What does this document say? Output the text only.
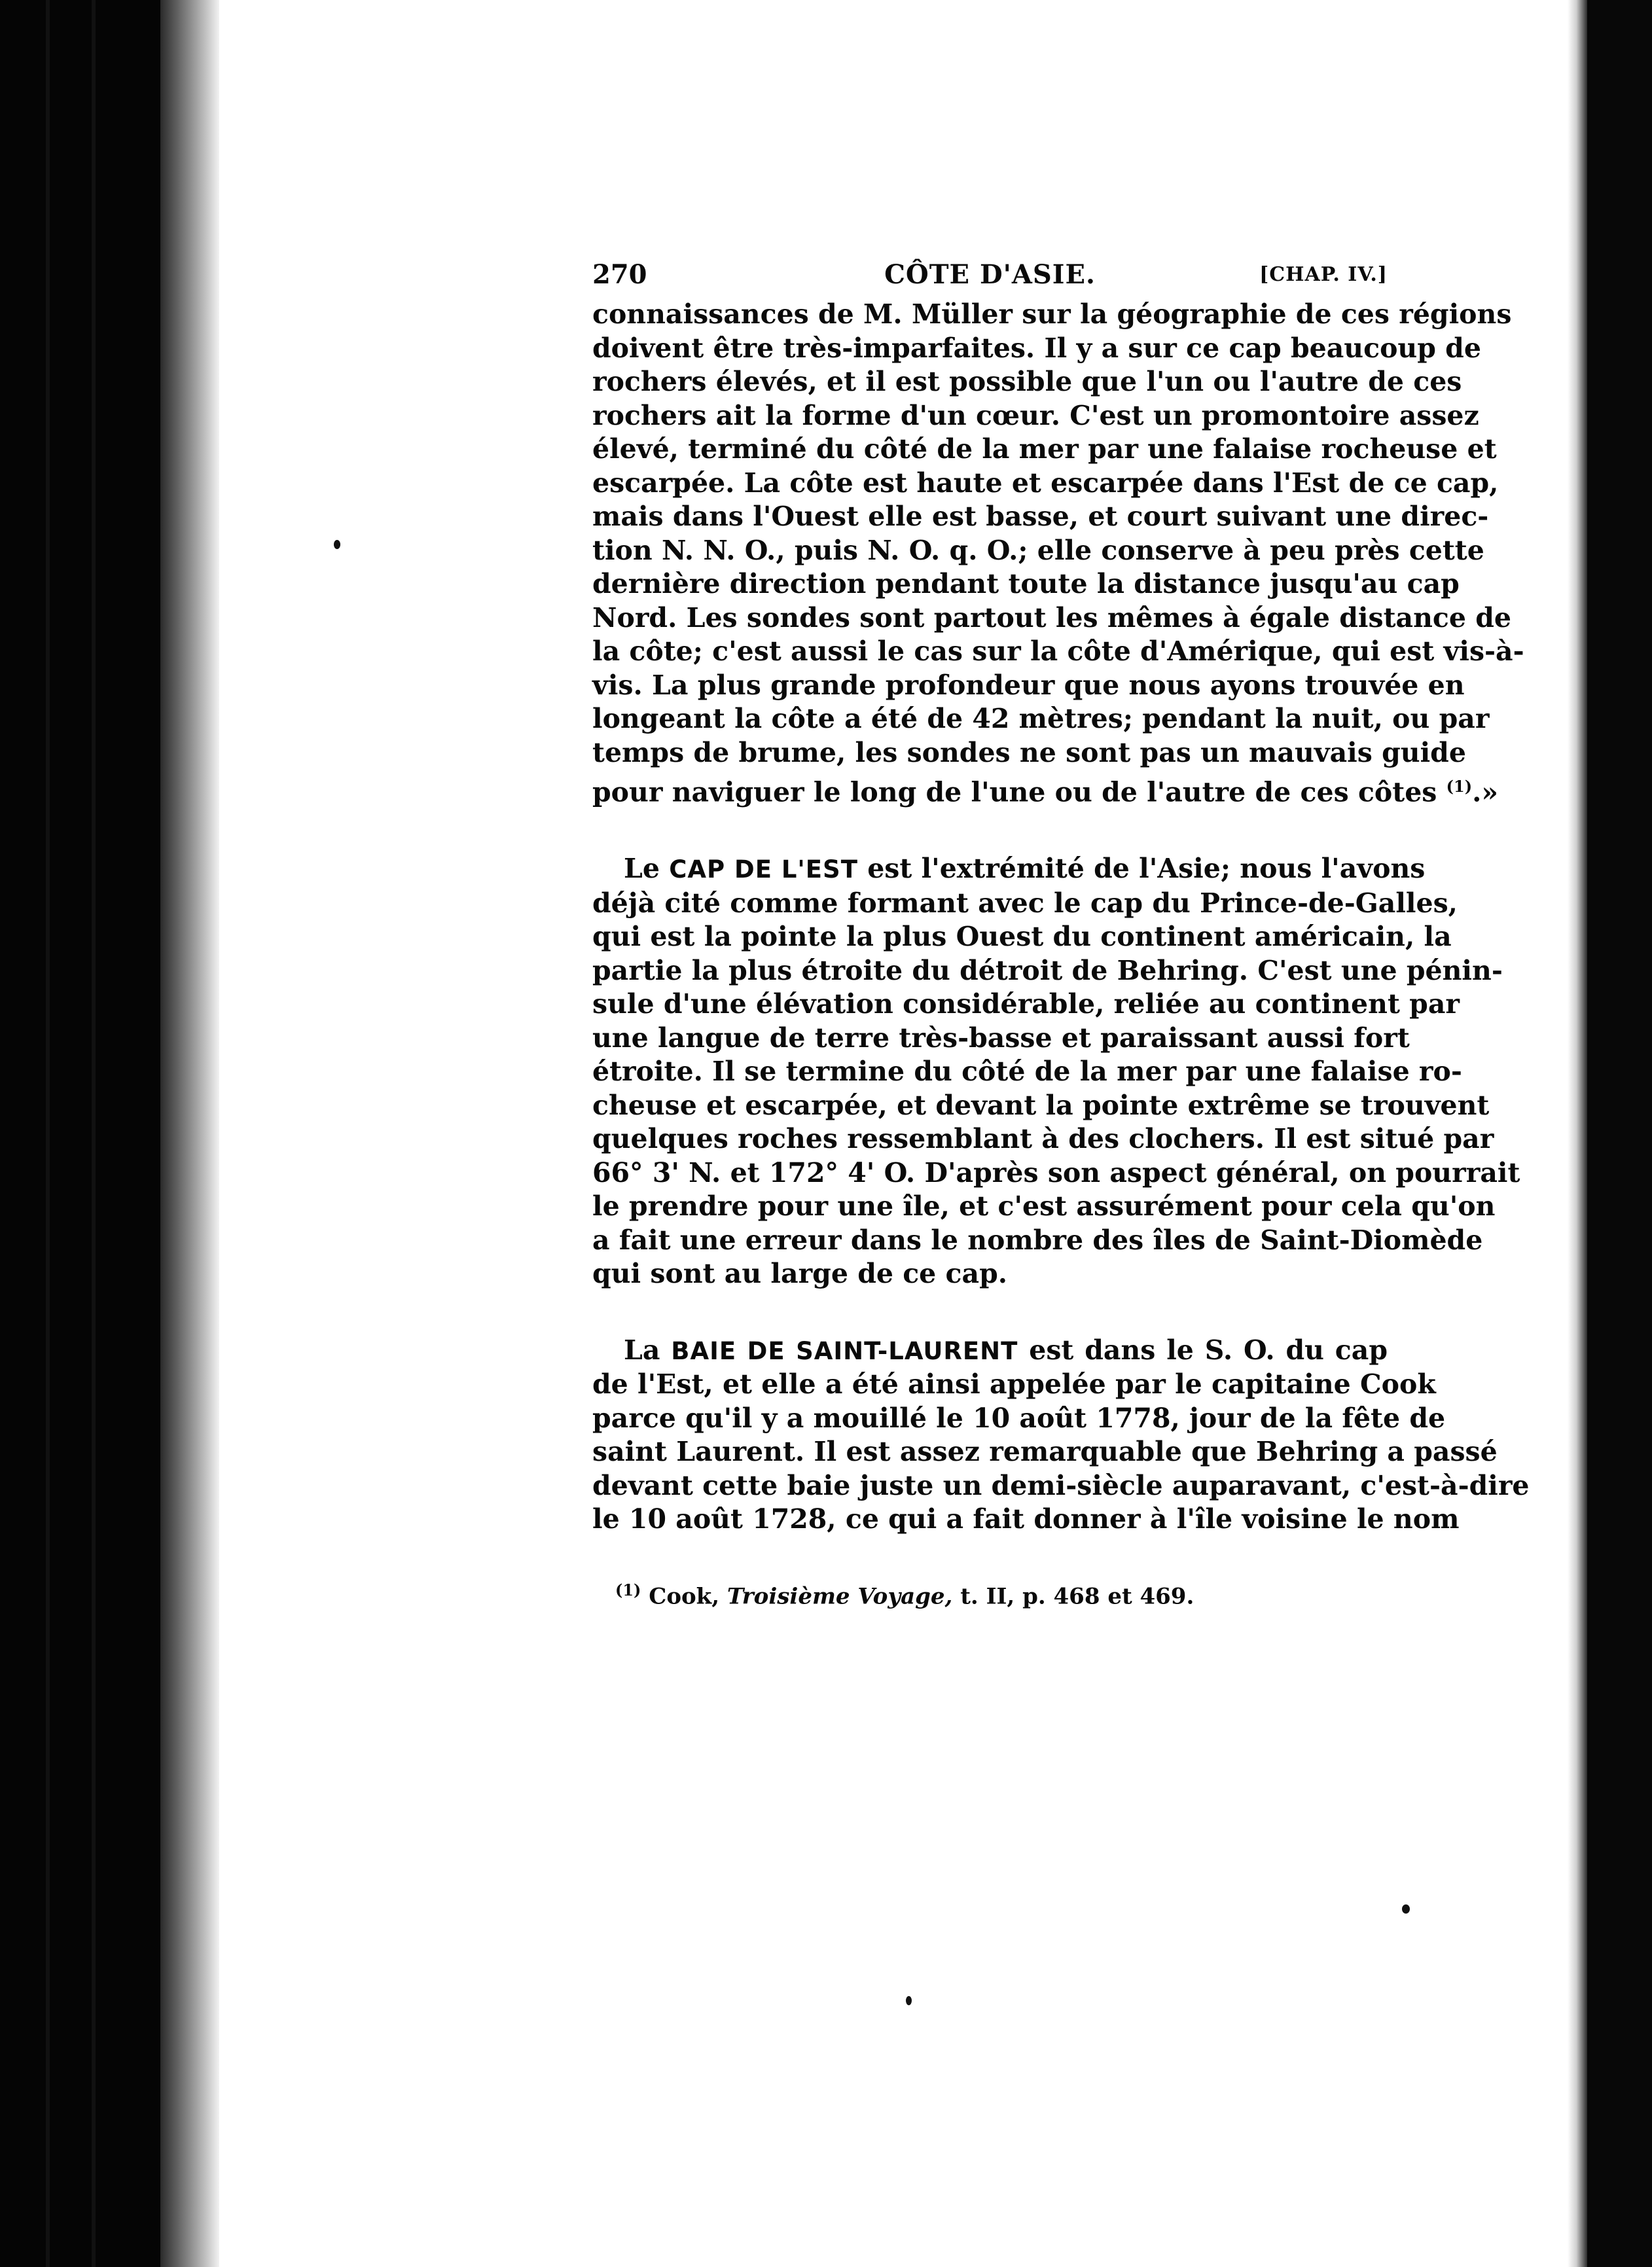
270	CÔTE D'ASIE.	[CHAP. IV.]
connaissances de M. Müller sur la géographie de ces régions
doivent être très-imparfaites. Il y a sur ce cap beaucoup de
rochers élevés, et il est possible que l'un ou l'autre de ces
rochers ait la forme d'un cœur. C'est un promontoire assez
élevé, terminé du côté de la mer par une falaise rocheuse et
escarpée. La côte est haute et escarpée dans l'Est de ce cap,
mais dans l'Ouest elle est basse, et court suivant une direc-
tion N. N. O., puis N. O. q. O.; elle conserve à peu près cette
dernière direction pendant toute la distance jusqu'au cap
Nord. Les sondes sont partout les mêmes à égale distance de
la côte; c'est aussi le cas sur la côte d'Amérique, qui est vis-à-
vis. La plus grande profondeur que nous ayons trouvée en
longeant la côte a été de 42 mètres; pendant la nuit, ou par
temps de brume, les sondes ne sont pas un mauvais guide
pour naviguer le long de l'une ou de l'autre de ces côtes $^{(1)}$.»
Le CAP DE L'EST est l'extrémité de l'Asie; nous l'avons
déjà cité comme formant avec le cap du Prince-de-Galles,
qui est la pointe la plus Ouest du continent américain, la
partie la plus étroite du détroit de Behring. C'est une pénin-
sule d'une élévation considérable, reliée au continent par
une langue de terre très-basse et paraissant aussi fort
étroite. Il se termine du côté de la mer par une falaise ro-
cheuse et escarpée, et devant la pointe extrême se trouvent
quelques roches ressemblant à des clochers. Il est situé par
66° 3' N. et 172° 4' O. D'après son aspect général, on pourrait
le prendre pour une île, et c'est assurément pour cela qu'on
a fait une erreur dans le nombre des îles de Saint-Diomède
qui sont au large de ce cap.
La BAIE DE SAINT-LAURENT est dans le S. O. du cap
de l'Est, et elle a été ainsi appelée par le capitaine Cook
parce qu'il y a mouillé le 10 août 1778, jour de la fête de
saint Laurent. Il est assez remarquable que Behring a passé
devant cette baie juste un demi-siècle auparavant, c'est-à-dire
le 10 août 1728, ce qui a fait donner à l'île voisine le nom
$^{(1)}$ Cook, Troisième Voyage, t. II, p. 468 et 469.
